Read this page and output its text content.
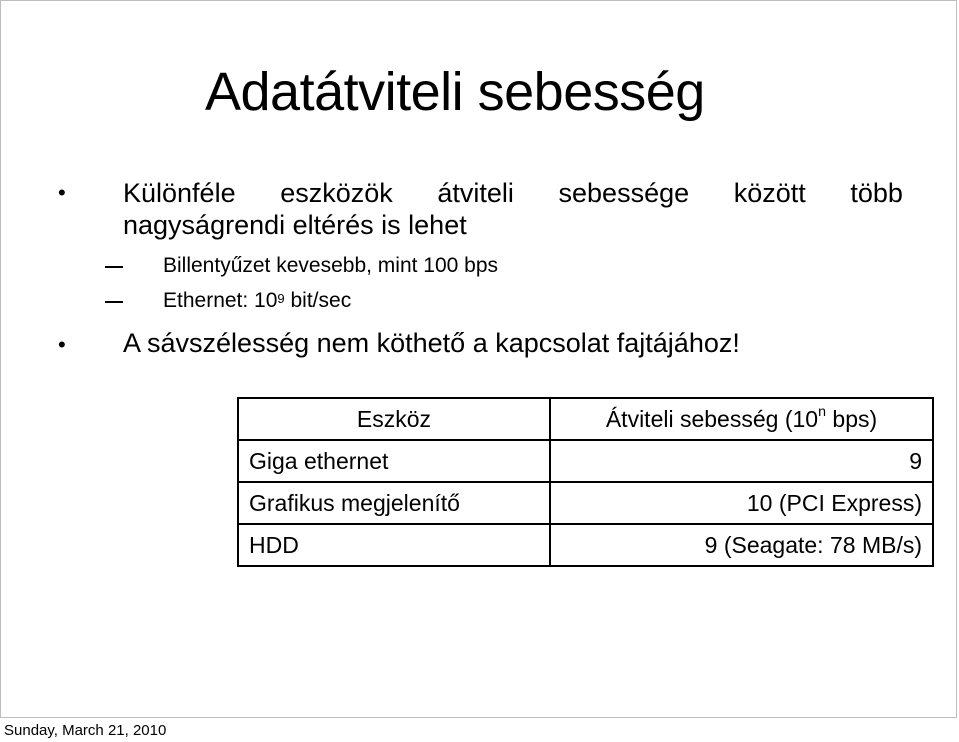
Adatátviteli sebesség
• Különféle eszközök átviteli sebessége között több
nagyságrendi eltérés is lehet
Billentyűzet kevesebb, mint 100 bps
Ethernet: $10^9$ bit/sec
• A sávszélesség nem köthető a kapcsolat fajtájához!
Eszköz	Átviteli sebesség (10$^n$ bps)
Giga ethernet	9
Grafikus megjelenítő	10 (PCI Express)
HDD	9 (Seagate: 78 MB/s)
Sunday, March 21, 2010
